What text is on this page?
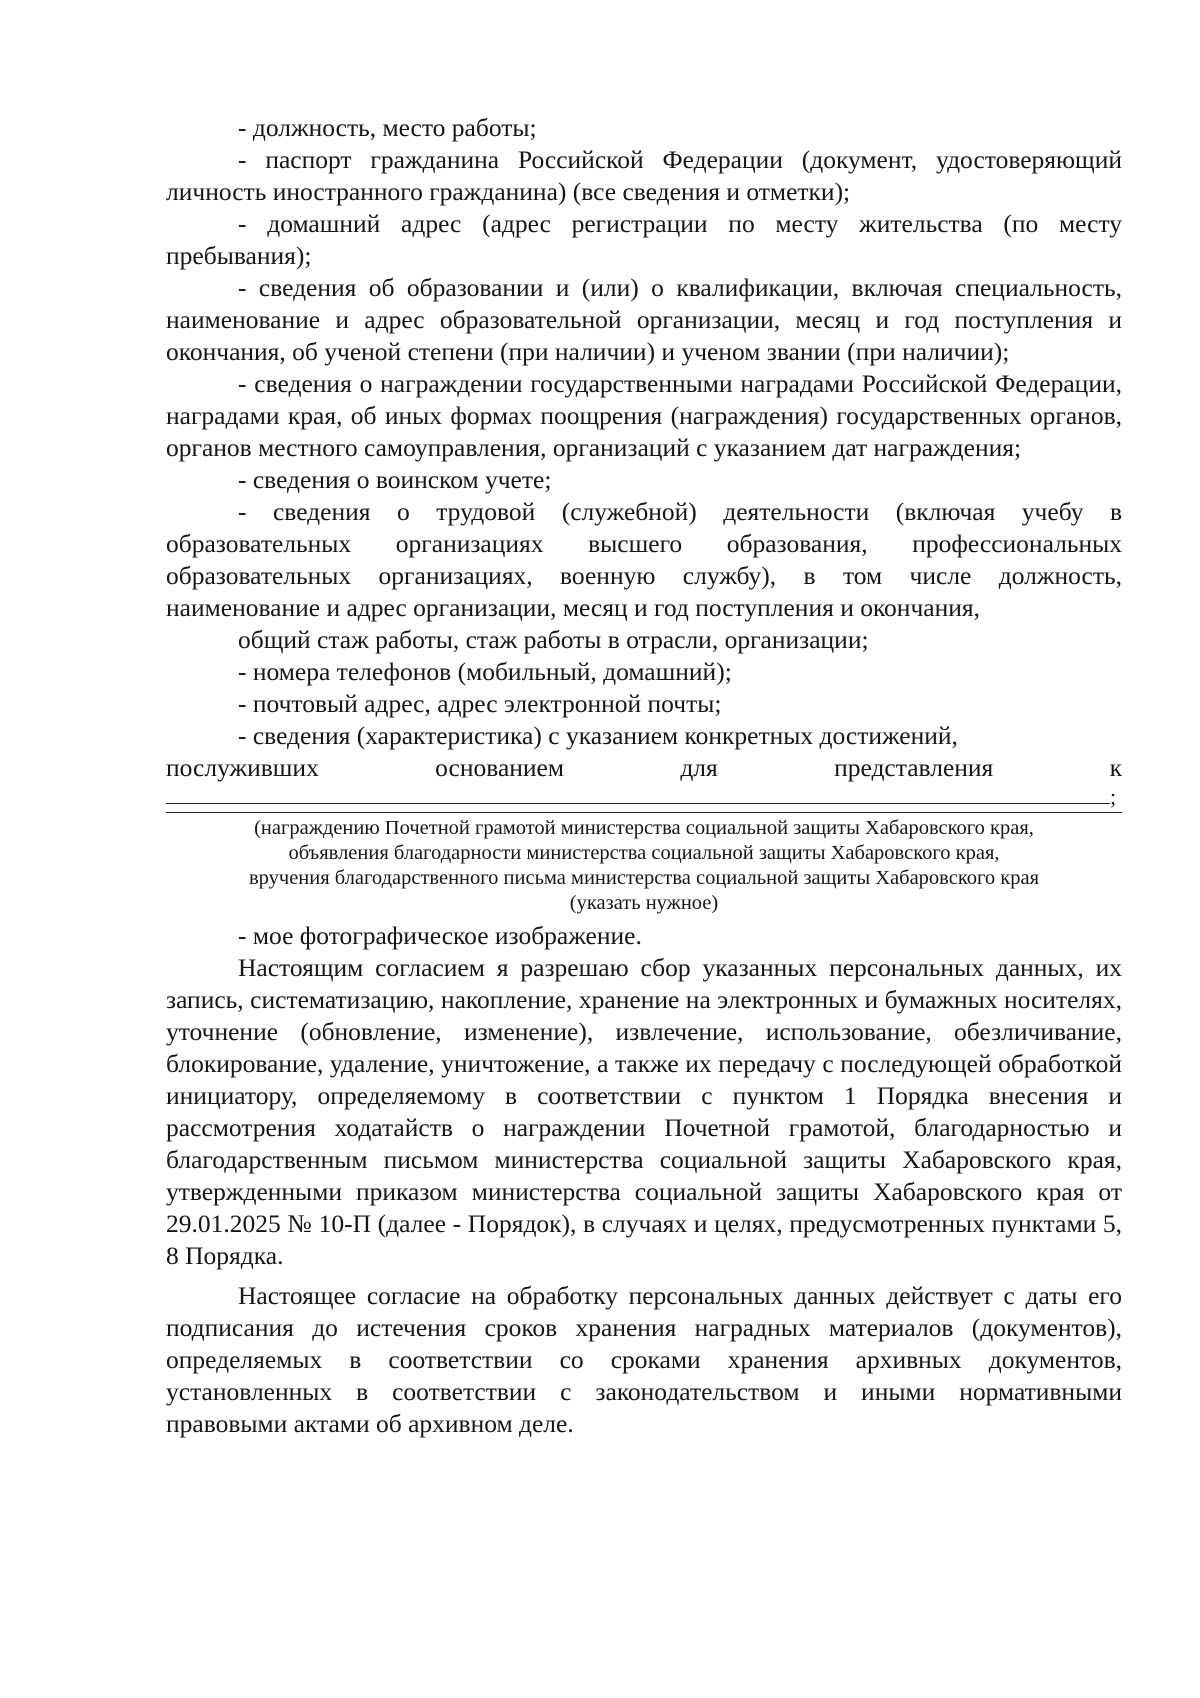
- должность, место работы;

- паспорт гражданина Российской Федерации (документ, удостоверяющий личность иностранного гражданина) (все сведения и отметки);

- домашний адрес (адрес регистрации по месту жительства (по месту пребывания);

- сведения об образовании и (или) о квалификации, включая специальность, наименование и адрес образовательной организации, месяц и год поступления и окончания, об ученой степени (при наличии) и ученом звании (при наличии);

- сведения о награждении государственными наградами Российской Федерации, наградами края, об иных формах поощрения (награждения) государственных органов, органов местного самоуправления, организаций с указанием дат награждения;

- сведения о воинском учете;

- сведения о трудовой (служебной) деятельности (включая учебу в образовательных организациях высшего образования, профессиональных образовательных организациях, военную службу), в том числе должность, наименование и адрес организации, месяц и год поступления и окончания,

общий стаж работы, стаж работы в отрасли, организации;

- номера телефонов (мобильный, домашний);

- почтовый адрес, адрес электронной почты;

- сведения (характеристика) с указанием конкретных достижений,

послуживших	основанием	для	представления	к
;
(награждению Почетной грамотой министерства социальной защиты Хабаровского края,
объявления благодарности министерства социальной защиты Хабаровского края,
вручения благодарственного письма министерства социальной защиты Хабаровского края
(указать нужное)

- мое фотографическое изображение.

Настоящим согласием я разрешаю сбор указанных персональных данных, их запись, систематизацию, накопление, хранение на электронных и бумажных носителях, уточнение (обновление, изменение), извлечение, использование, обезличивание, блокирование, удаление, уничтожение, а также их передачу с последующей обработкой инициатору, определяемому в соответствии с пунктом 1 Порядка внесения и рассмотрения ходатайств о награждении Почетной грамотой, благодарностью и благодарственным письмом министерства социальной защиты Хабаровского края, утвержденными приказом министерства социальной защиты Хабаровского края от 29.01.2025 № 10-П (далее - Порядок), в случаях и целях, предусмотренных пунктами 5, 8 Порядка.

Настоящее согласие на обработку персональных данных действует с даты его подписания до истечения сроков хранения наградных материалов (документов), определяемых в соответствии со сроками хранения архивных документов, установленных в соответствии с законодательством и иными нормативными правовыми актами об архивном деле.
